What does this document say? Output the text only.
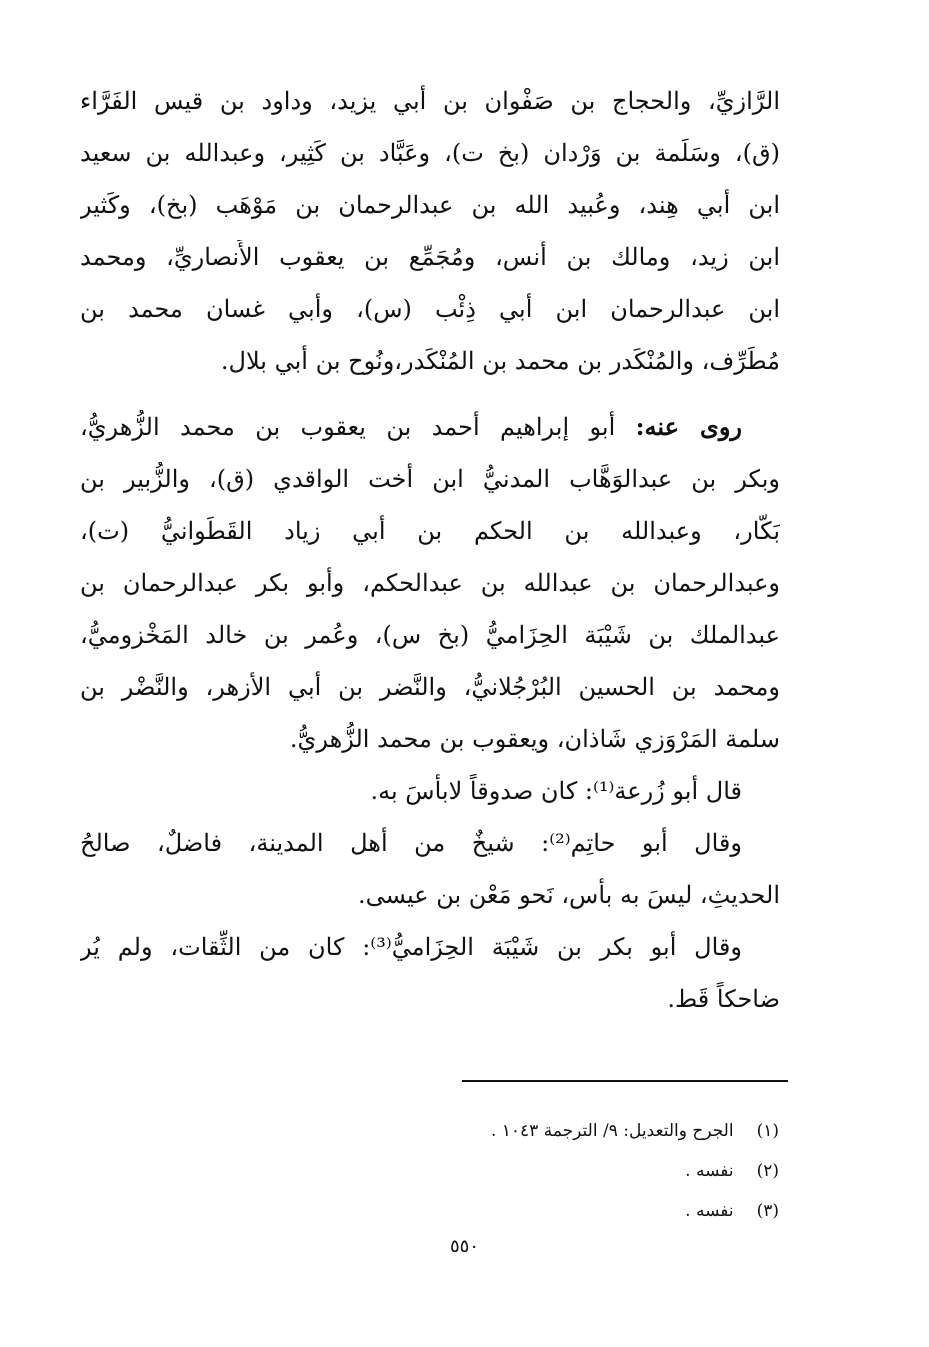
الرَّازيِّ، والحجاج بن صَفْوان بن أبي يزيد، وداود بن قيس الفَرَّاء
(ق)، وسَلَمة بن وَرْدان (بخ ت)، وعَبَّاد بن كَثِير، وعبدالله بن سعيد
ابن أبي هِند، وعُبيد الله بن عبدالرحمان بن مَوْهَب (بخ)، وكَثير
ابن زيد، ومالك بن أَنس، ومُجَمِّع بن يعقوب الأَنصاريِّ، ومحمد
ابن عبدالرحمان ابن أبي ذِئْب (س)، وأبي غسان محمد بن
مُطَرِّف، والمُنْكَدر بن محمد بن المُنْكَدر،ونُوح بن أبي بلال.
روى عنه: أبو إبراهيم أحمد بن يعقوب بن محمد الزُّهريُّ،
وبكر بن عبدالوَهَّاب المدنيُّ ابن أخت الواقدي (ق)، والزُّبير بن
بَكَّار، وعبدالله بن الحكم بن أبي زياد القَطَوانيُّ (ت)،
وعبدالرحمان بن عبدالله بن عبدالحكم، وأبو بكر عبدالرحمان بن
عبدالملك بن شَيْبَة الحِزَاميُّ (بخ س)، وعُمر بن خالد المَخْزوميُّ،
ومحمد بن الحسين البُرْجُلانيُّ، والنَّضر بن أبي الأزهر، والنَّضْر بن
سلمة المَرْوَزي شَاذان، ويعقوب بن محمد الزُّهريُّ.
قال أبو زُرعة⁽¹⁾: كان صدوقاً لابأسَ به.
وقال أبو حاتِم⁽²⁾: شيخٌ من أهل المدينة، فاضلٌ، صالحُ
الحديثِ، ليسَ به بأس، نَحو مَعْن بن عيسى.
وقال أبو بكر بن شَيْبَة الحِزَاميُّ⁽³⁾: كان من الثِّقات، ولم يُر
ضاحكاً قَط.
(١) الجرح والتعديل: ٩/ الترجمة ١٠٤٣ .
(٢) نفسه .
(٣) نفسه .
٥٥٠
